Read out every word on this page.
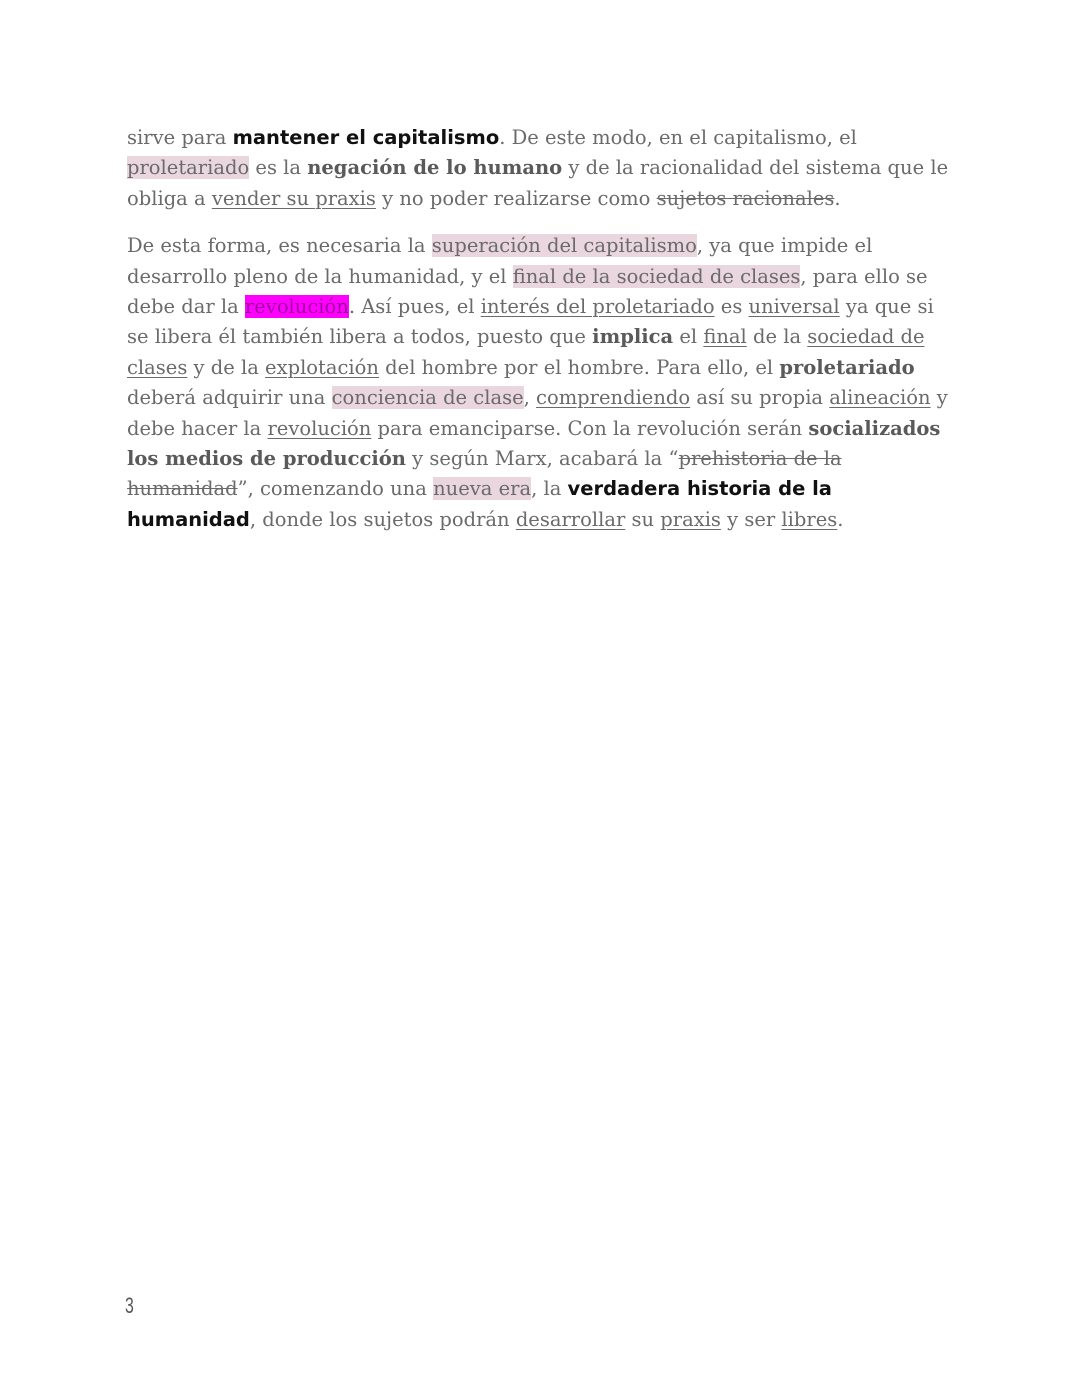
sirve para mantener el capitalismo. De este modo, en el capitalismo, el proletariado es la negación de lo humano y de la racionalidad del sistema que le obliga a vender su praxis y no poder realizarse como sujetos racionales.

De esta forma, es necesaria la superación del capitalismo, ya que impide el desarrollo pleno de la humanidad, y el final de la sociedad de clases, para ello se debe dar la revolución. Así pues, el interés del proletariado es universal ya que si se libera él también libera a todos, puesto que implica el final de la sociedad de clases y de la explotación del hombre por el hombre. Para ello, el proletariado deberá adquirir una conciencia de clase, comprendiendo así su propia alineación y debe hacer la revolución para emanciparse. Con la revolución serán socializados los medios de producción y según Marx, acabará la “prehistoria de la humanidad”, comenzando una nueva era, la verdadera historia de la humanidad, donde los sujetos podrán desarrollar su praxis y ser libres.

3
